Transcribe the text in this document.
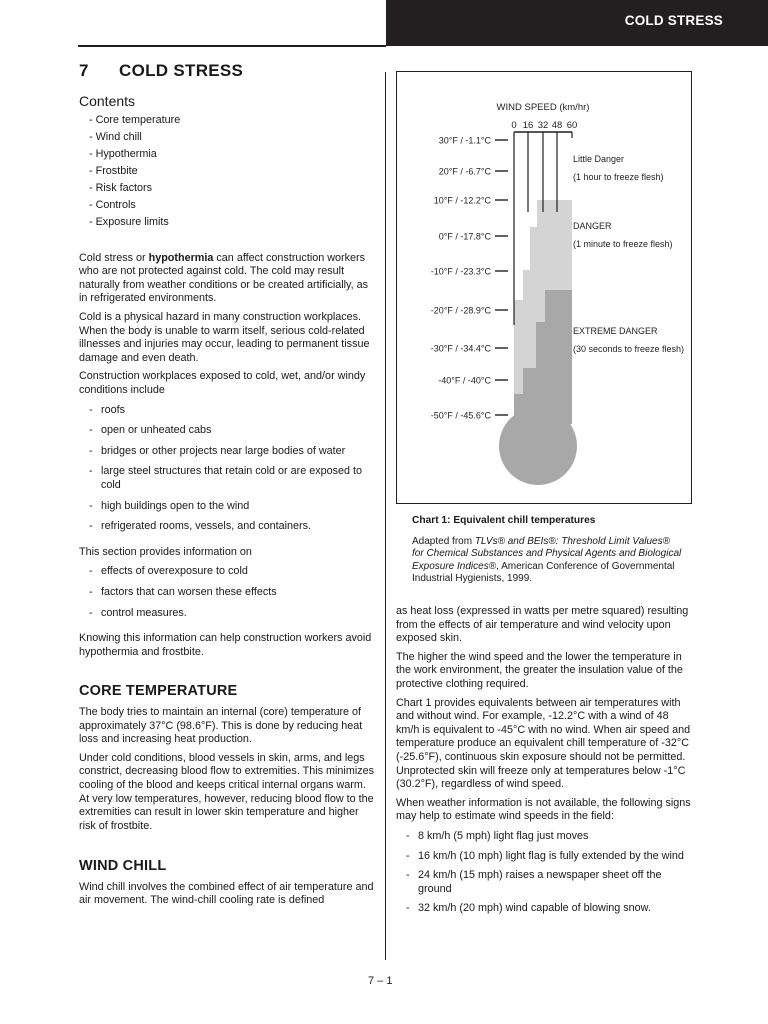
COLD STRESS
7 COLD STRESS
Contents
- Core temperature
- Wind chill
- Hypothermia
- Frostbite
- Risk factors
- Controls
- Exposure limits

Cold stress or hypothermia can affect construction workers who are not protected against cold. The cold may result naturally from weather conditions or be created artificially, as in refrigerated environments.

Cold is a physical hazard in many construction workplaces. When the body is unable to warm itself, serious cold-related illnesses and injuries may occur, leading to permanent tissue damage and even death.

Construction workplaces exposed to cold, wet, and/or windy conditions include

- roofs
- open or unheated cabs
- bridges or other projects near large bodies of water
- large steel structures that retain cold or are exposed to cold
- high buildings open to the wind
- refrigerated rooms, vessels, and containers.

This section provides information on

- effects of overexposure to cold
- factors that can worsen these effects
- control measures.

Knowing this information can help construction workers avoid hypothermia and frostbite.

CORE TEMPERATURE

The body tries to maintain an internal (core) temperature of approximately 37°C (98.6°F). This is done by reducing heat loss and increasing heat production.

Under cold conditions, blood vessels in skin, arms, and legs constrict, decreasing blood flow to extremities. This minimizes cooling of the blood and keeps critical internal organs warm. At very low temperatures, however, reducing blood flow to the extremities can result in lower skin temperature and higher risk of frostbite.

WIND CHILL

Wind chill involves the combined effect of air temperature and air movement. The wind-chill cooling rate is defined

WIND SPEED (km/hr)
0 16 32 48 60
30°F / -1.1°C
20°F / -6.7°C
10°F / -12.2°C
0°F / -17.8°C
-10°F / -23.3°C
-20°F / -28.9°C
-30°F / -34.4°C
-40°F / -40°C
-50°F / -45.6°C
Little Danger
(1 hour to freeze flesh)
DANGER
(1 minute to freeze flesh)
EXTREME DANGER
(30 seconds to freeze flesh)
Chart 1: Equivalent chill temperatures
Adapted from TLVs® and BEIs®: Threshold Limit Values® for Chemical Substances and Physical Agents and Biological Exposure Indices®, American Conference of Governmental Industrial Hygienists, 1999.

as heat loss (expressed in watts per metre squared) resulting from the effects of air temperature and wind velocity upon exposed skin.

The higher the wind speed and the lower the temperature in the work environment, the greater the insulation value of the protective clothing required.

Chart 1 provides equivalents between air temperatures with and without wind. For example, -12.2°C with a wind of 48 km/h is equivalent to -45°C with no wind. When air speed and temperature produce an equivalent chill temperature of -32°C (-25.6°F), continuous skin exposure should not be permitted. Unprotected skin will freeze only at temperatures below -1°C (30.2°F), regardless of wind speed.

When weather information is not available, the following signs may help to estimate wind speeds in the field:

- 8 km/h (5 mph) light flag just moves
- 16 km/h (10 mph) light flag is fully extended by the wind
- 24 km/h (15 mph) raises a newspaper sheet off the ground
- 32 km/h (20 mph) wind capable of blowing snow.
7 – 1
